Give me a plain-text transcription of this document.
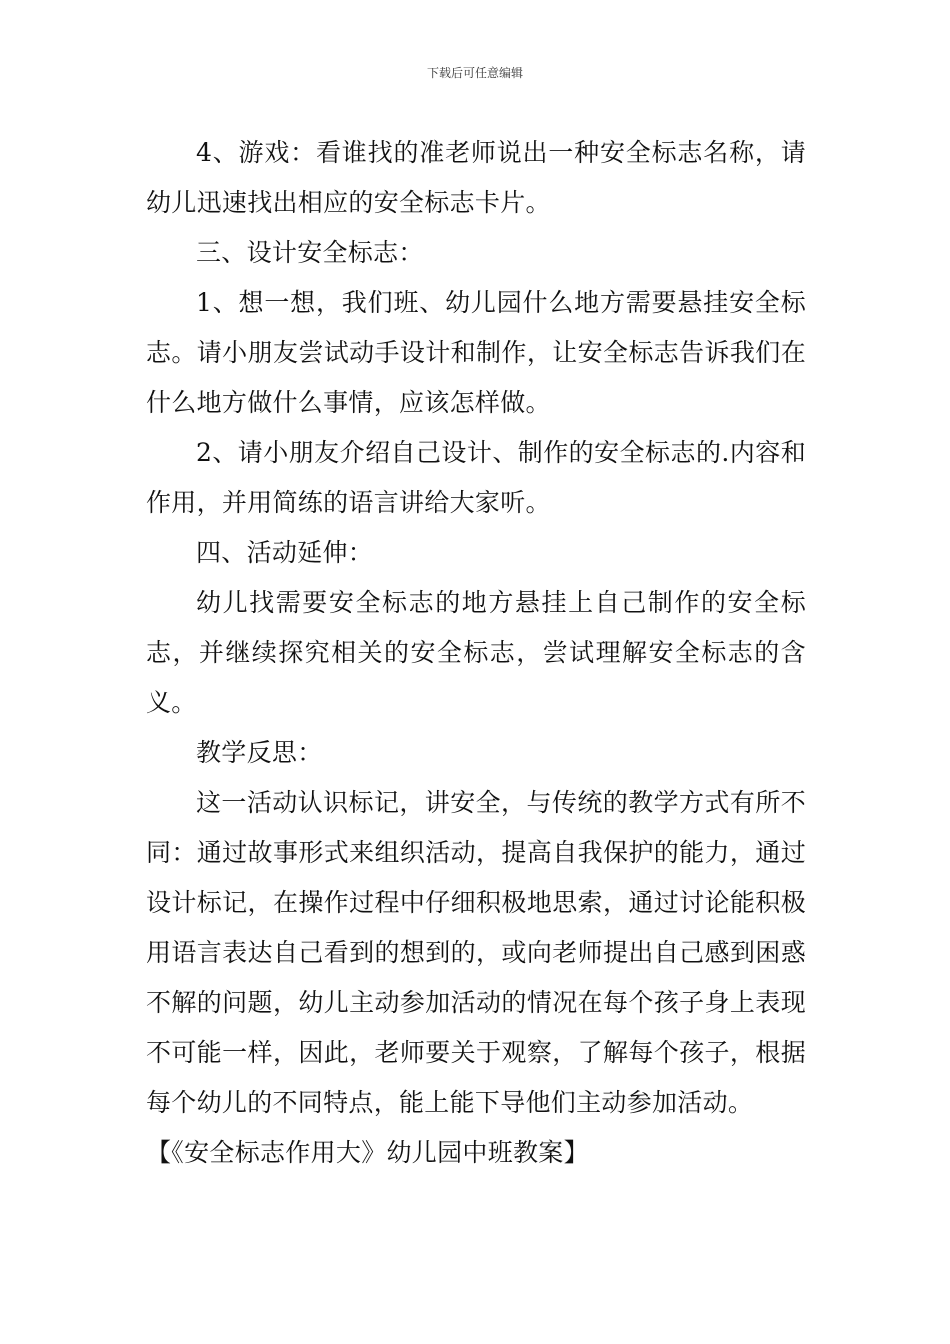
下载后可任意编辑

4、游戏：看谁找的准老师说出一种安全标志名称，请幼儿迅速找出相应的安全标志卡片。

三、设计安全标志：

1、想一想，我们班、幼儿园什么地方需要悬挂安全标志。请小朋友尝试动手设计和制作，让安全标志告诉我们在什么地方做什么事情，应该怎样做。

2、请小朋友介绍自己设计、制作的安全标志的.内容和作用，并用简练的语言讲给大家听。

四、活动延伸：

幼儿找需要安全标志的地方悬挂上自己制作的安全标志，并继续探究相关的安全标志，尝试理解安全标志的含义。

教学反思：

这一活动认识标记，讲安全，与传统的教学方式有所不同：通过故事形式来组织活动，提高自我保护的能力，通过设计标记，在操作过程中仔细积极地思索，通过讨论能积极用语言表达自己看到的想到的，或向老师提出自己感到困惑不解的问题，幼儿主动参加活动的情况在每个孩子身上表现不可能一样，因此，老师要关于观察，了解每个孩子，根据每个幼儿的不同特点，能上能下导他们主动参加活动。

【《安全标志作用大》幼儿园中班教案】
